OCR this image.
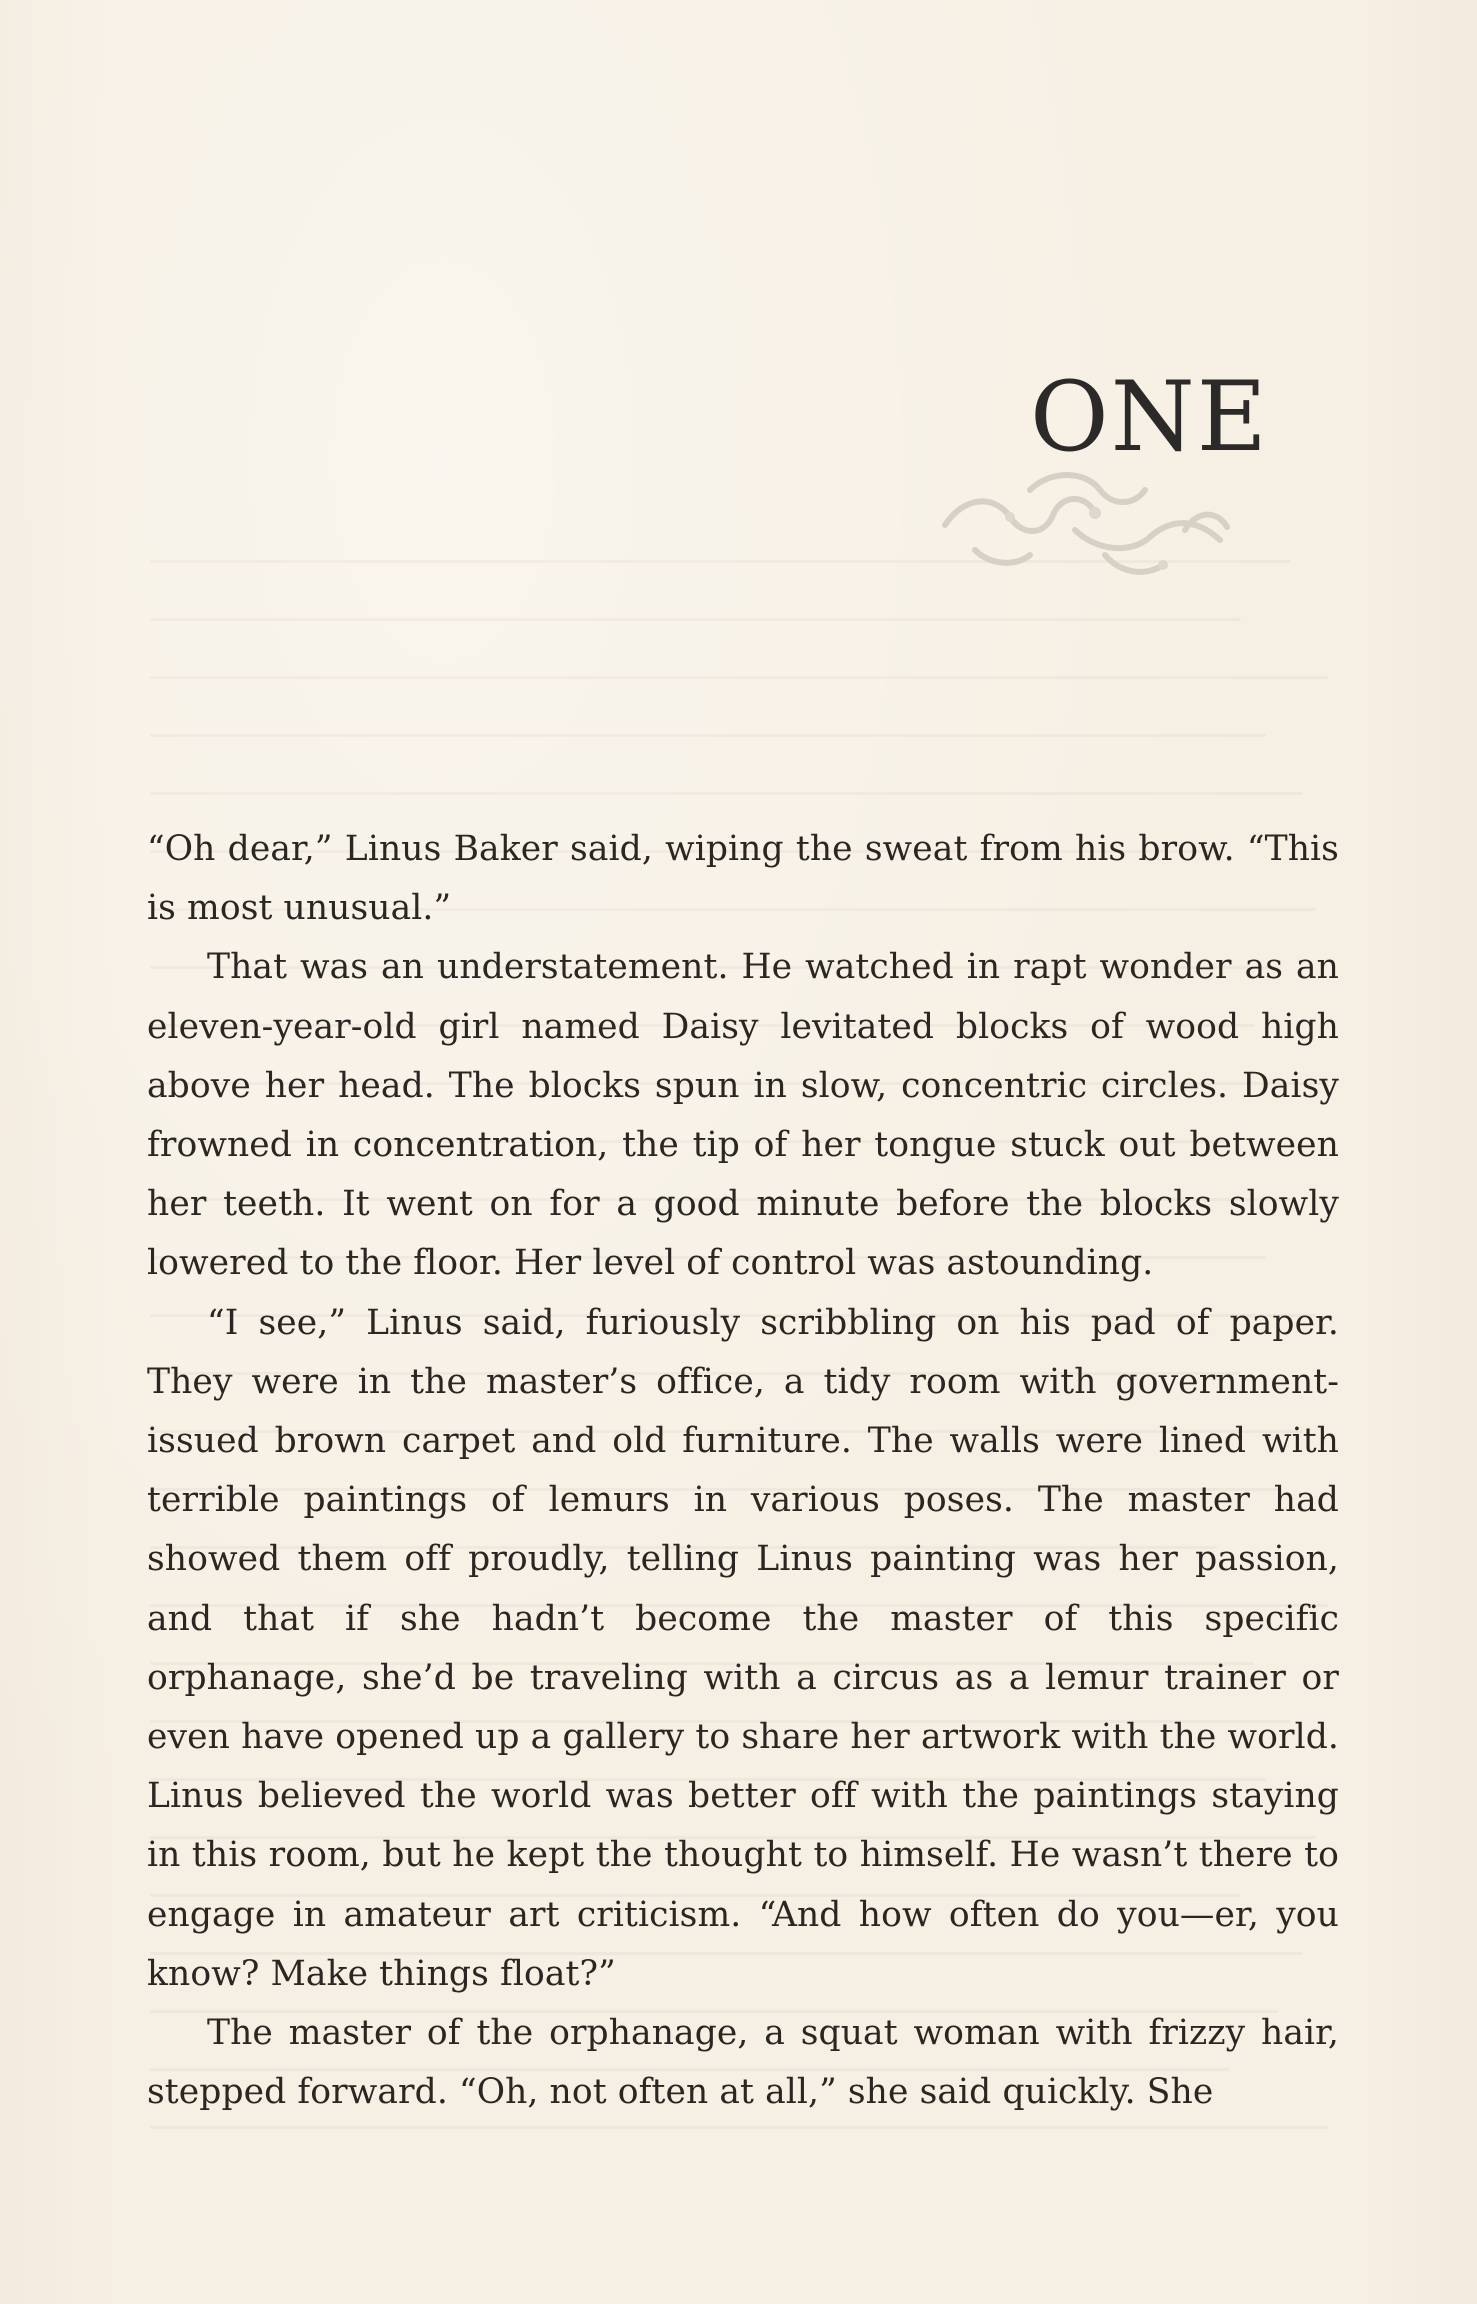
ONE

“Oh dear,” Linus Baker said, wiping the sweat from his brow. “This is most unusual.”

That was an understatement. He watched in rapt wonder as an eleven-year-old girl named Daisy levitated blocks of wood high above her head. The blocks spun in slow, concentric circles. Daisy frowned in concentration, the tip of her tongue stuck out between her teeth. It went on for a good minute before the blocks slowly lowered to the floor. Her level of control was astounding.

“I see,” Linus said, furiously scribbling on his pad of paper. They were in the master’s office, a tidy room with government-issued brown carpet and old furniture. The walls were lined with terrible paintings of lemurs in various poses. The master had showed them off proudly, telling Linus painting was her passion, and that if she hadn’t become the master of this specific orphanage, she’d be traveling with a circus as a lemur trainer or even have opened up a gallery to share her artwork with the world. Linus believed the world was better off with the paintings staying in this room, but he kept the thought to himself. He wasn’t there to engage in amateur art criticism. “And how often do you—er, you know? Make things float?”

The master of the orphanage, a squat woman with frizzy hair, stepped forward. “Oh, not often at all,” she said quickly. She
